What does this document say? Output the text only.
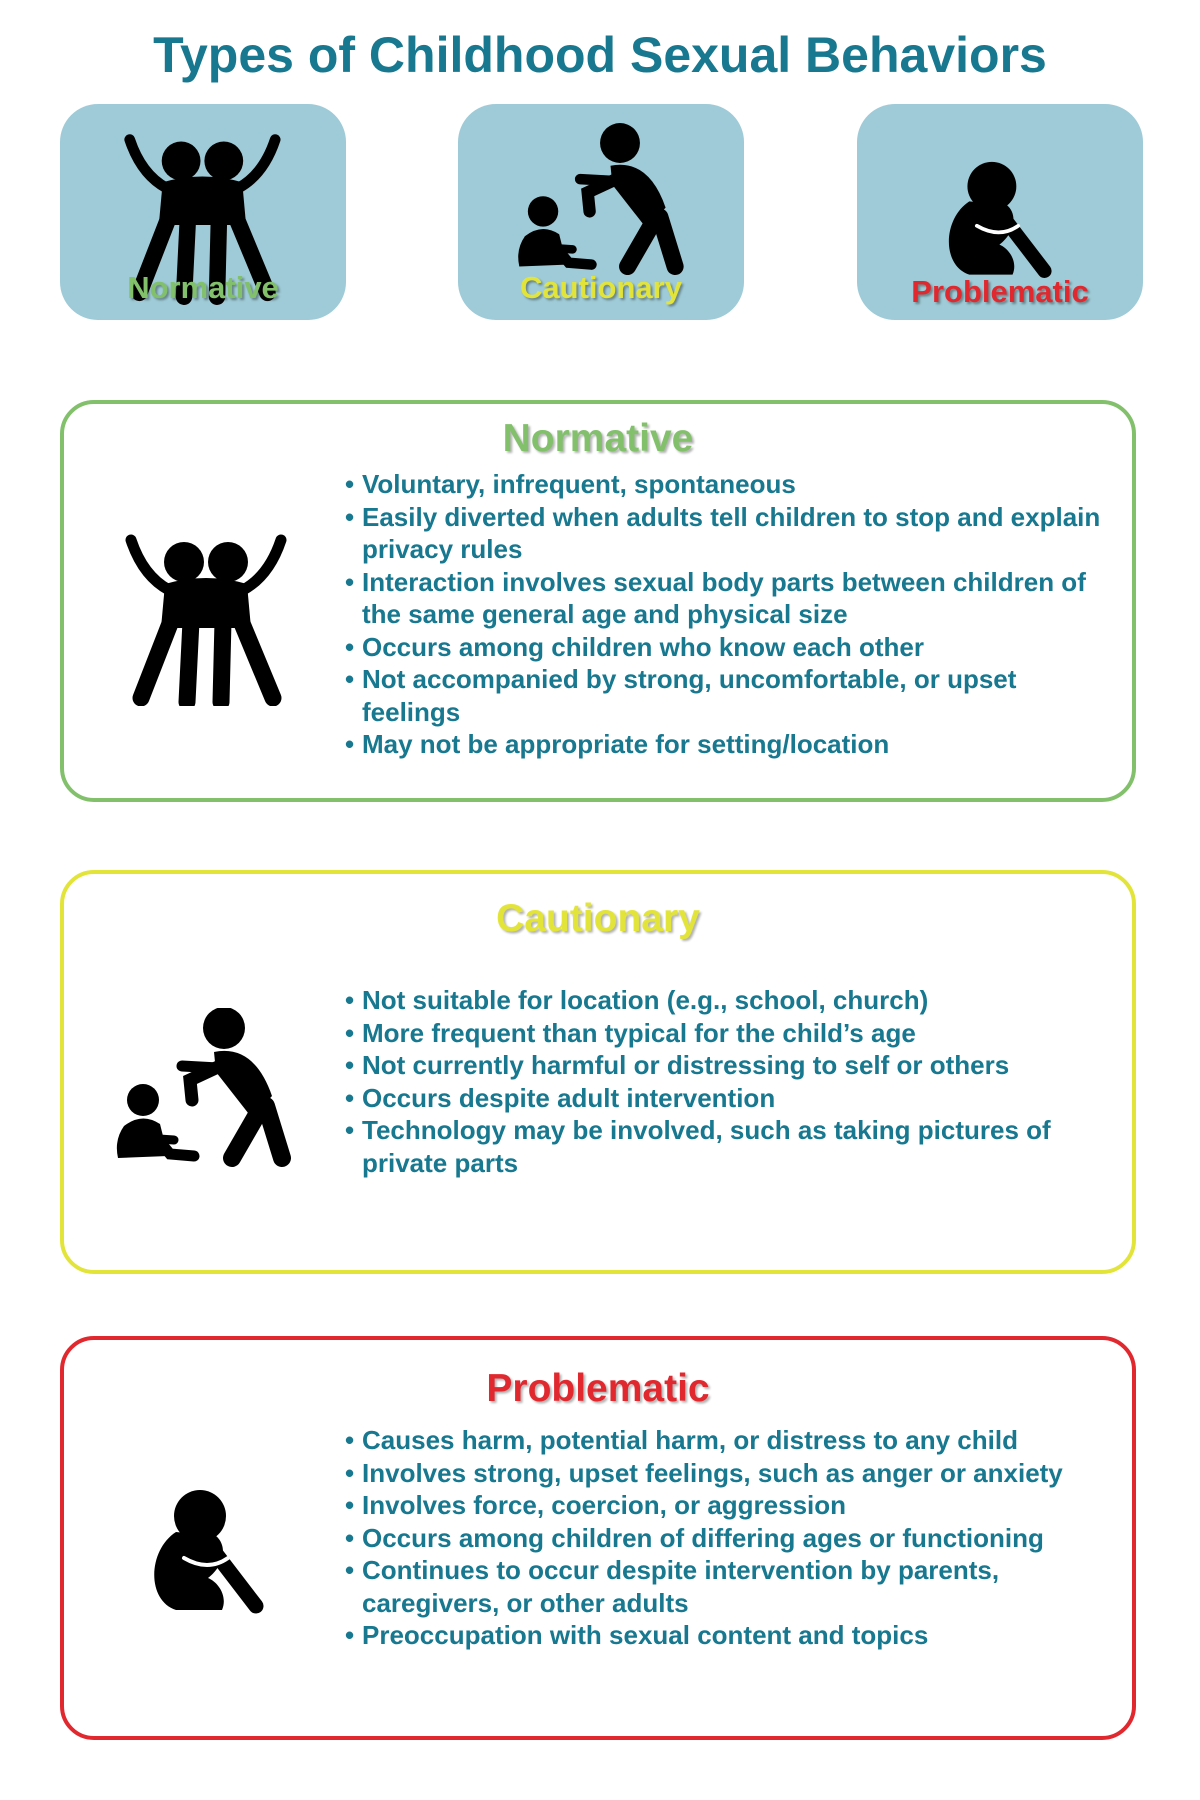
Types of Childhood Sexual Behaviors
Normative	Cautionary	Problematic
Normative
• Voluntary, infrequent, spontaneous
• Easily diverted when adults tell children to stop and explain privacy rules
• Interaction involves sexual body parts between children of the same general age and physical size
• Occurs among children who know each other
• Not accompanied by strong, uncomfortable, or upset feelings
• May not be appropriate for setting/location
Cautionary
• Not suitable for location (e.g., school, church)
• More frequent than typical for the child’s age
• Not currently harmful or distressing to self or others
• Occurs despite adult intervention
• Technology may be involved, such as taking pictures of private parts
Problematic
• Causes harm, potential harm, or distress to any child
• Involves strong, upset feelings, such as anger or anxiety
• Involves force, coercion, or aggression
• Occurs among children of differing ages or functioning
• Continues to occur despite intervention by parents, caregivers, or other adults
• Preoccupation with sexual content and topics
